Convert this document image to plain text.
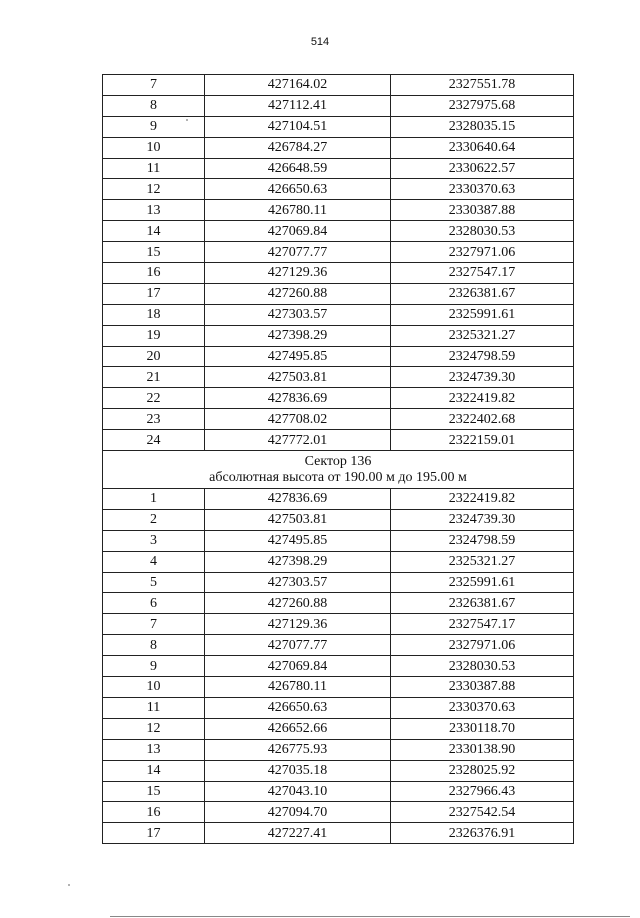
514
7	427164.02	2327551.78
8	427112.41	2327975.68
9	427104.51	2328035.15
10	426784.27	2330640.64
11	426648.59	2330622.57
12	426650.63	2330370.63
13	426780.11	2330387.88
14	427069.84	2328030.53
15	427077.77	2327971.06
16	427129.36	2327547.17
17	427260.88	2326381.67
18	427303.57	2325991.61
19	427398.29	2325321.27
20	427495.85	2324798.59
21	427503.81	2324739.30
22	427836.69	2322419.82
23	427708.02	2322402.68
24	427772.01	2322159.01

Сектор 136
абсолютная высота от 190.00 м до 195.00 м		

1	427836.69	2322419.82
2	427503.81	2324739.30
3	427495.85	2324798.59
4	427398.29	2325321.27
5	427303.57	2325991.61
6	427260.88	2326381.67
7	427129.36	2327547.17
8	427077.77	2327971.06
9	427069.84	2328030.53
10	426780.11	2330387.88
11	426650.63	2330370.63
12	426652.66	2330118.70
13	426775.93	2330138.90
14	427035.18	2328025.92
15	427043.10	2327966.43
16	427094.70	2327542.54
17	427227.41	2326376.91
